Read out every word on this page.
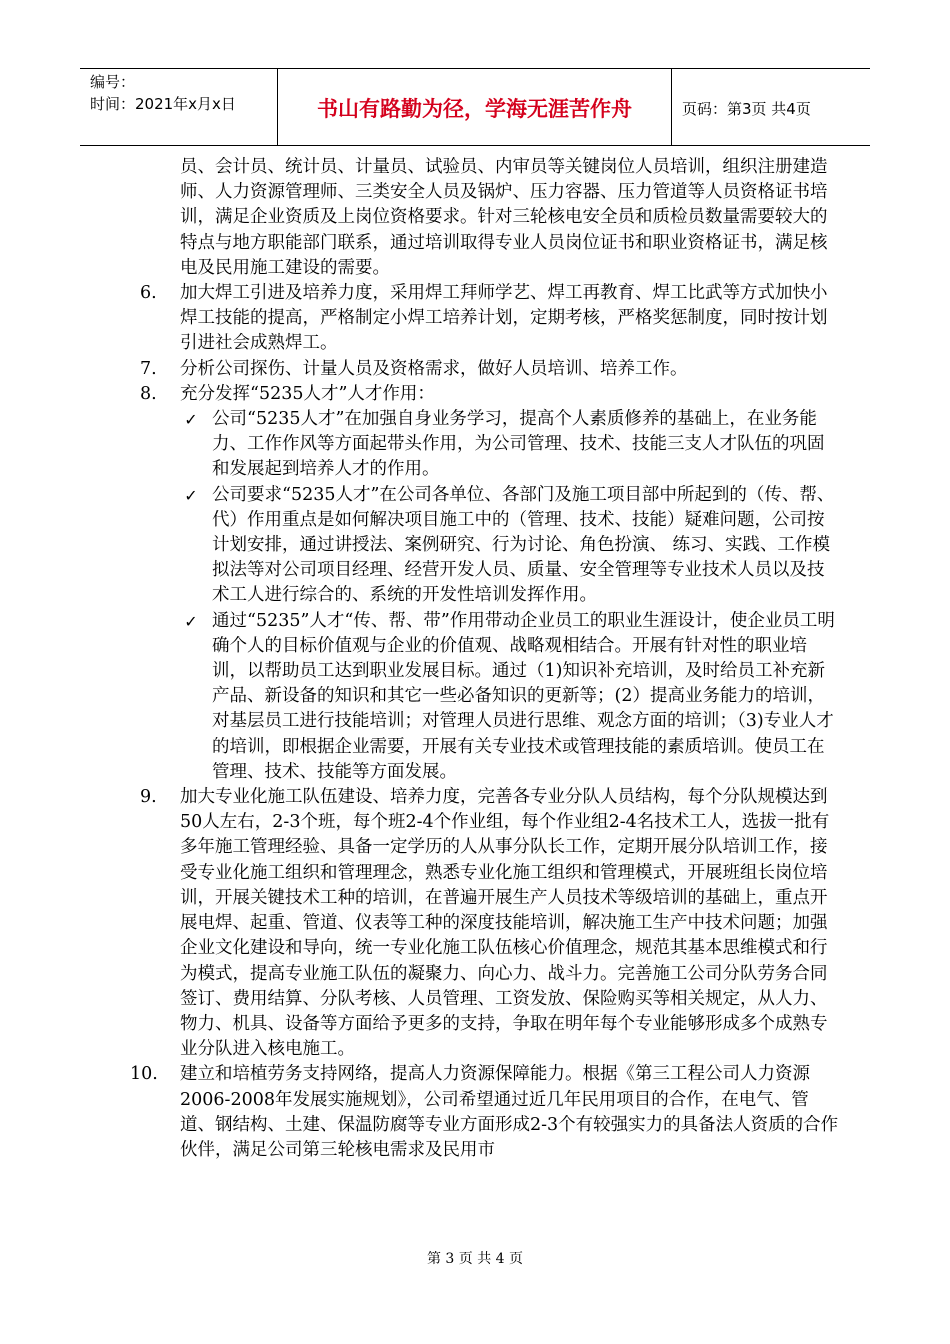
编号：
时间：2021年x月x日	书山有路勤为径，学海无涯苦作舟	页码：第3页 共4页
员、会计员、统计员、计量员、试验员、内审员等关键岗位人员培训，组织注册建造师、人力资源管理师、三类安全人员及锅炉、压力容器、压力管道等人员资格证书培训，满足企业资质及上岗位资格要求。针对三轮核电安全员和质检员数量需要较大的特点与地方职能部门联系，通过培训取得专业人员岗位证书和职业资格证书，满足核电及民用施工建设的需要。
6.	加大焊工引进及培养力度，采用焊工拜师学艺、焊工再教育、焊工比武等方式加快小焊工技能的提高，严格制定小焊工培养计划，定期考核，严格奖惩制度，同时按计划引进社会成熟焊工。
7.	分析公司探伤、计量人员及资格需求，做好人员培训、培养工作。
8.	充分发挥“5235人才”人才作用：
✓ 公司“5235人才”在加强自身业务学习，提高个人素质修养的基础上，在业务能力、工作作风等方面起带头作用，为公司管理、技术、技能三支人才队伍的巩固和发展起到培养人才的作用。
✓ 公司要求“5235人才”在公司各单位、各部门及施工项目部中所起到的（传、帮、代）作用重点是如何解决项目施工中的（管理、技术、技能）疑难问题，公司按计划安排，通过讲授法、案例研究、行为讨论、角色扮演、 练习、实践、工作模拟法等对公司项目经理、经营开发人员、质量、安全管理等专业技术人员以及技术工人进行综合的、系统的开发性培训发挥作用。
✓ 通过“5235”人才“传、帮、带”作用带动企业员工的职业生涯设计，使企业员工明确个人的目标价值观与企业的价值观、战略观相结合。开展有针对性的职业培训，以帮助员工达到职业发展目标。通过（1)知识补充培训，及时给员工补充新产品、新设备的知识和其它一些必备知识的更新等；(2）提高业务能力的培训，对基层员工进行技能培训；对管理人员进行思维、观念方面的培训；（3)专业人才的培训，即根据企业需要，开展有关专业技术或管理技能的素质培训。使员工在管理、技术、技能等方面发展。
9.	加大专业化施工队伍建设、培养力度，完善各专业分队人员结构，每个分队规模达到50人左右，2-3个班，每个班2-4个作业组，每个作业组2-4名技术工人，选拔一批有多年施工管理经验、具备一定学历的人从事分队长工作，定期开展分队培训工作，接受专业化施工组织和管理理念，熟悉专业化施工组织和管理模式，开展班组长岗位培训，开展关键技术工种的培训，在普遍开展生产人员技术等级培训的基础上，重点开展电焊、起重、管道、仪表等工种的深度技能培训，解决施工生产中技术问题；加强企业文化建设和导向，统一专业化施工队伍核心价值理念，规范其基本思维模式和行为模式，提高专业施工队伍的凝聚力、向心力、战斗力。完善施工公司分队劳务合同签订、费用结算、分队考核、人员管理、工资发放、保险购买等相关规定，从人力、物力、机具、设备等方面给予更多的支持，争取在明年每个专业能够形成多个成熟专业分队进入核电施工。
10.	建立和培植劳务支持网络，提高人力资源保障能力。根据《第三工程公司人力资源2006-2008年发展实施规划》，公司希望通过近几年民用项目的合作，在电气、管道、钢结构、土建、保温防腐等专业方面形成2-3个有较强实力的具备法人资质的合作伙伴，满足公司第三轮核电需求及民用市
第 3 页 共 4 页
